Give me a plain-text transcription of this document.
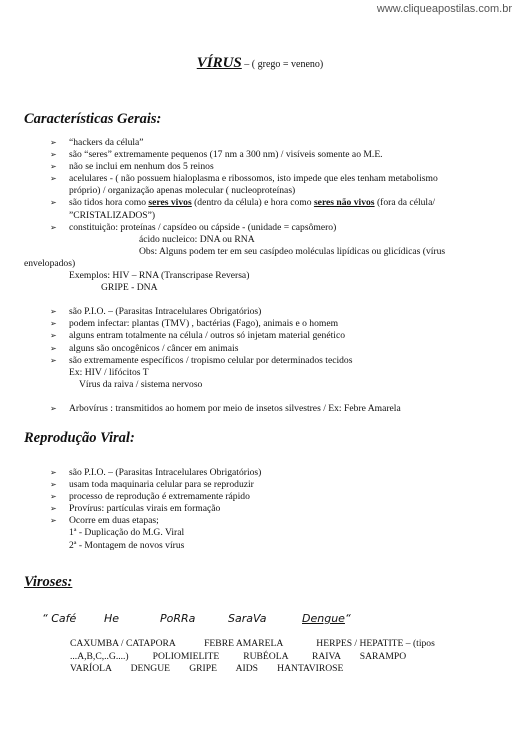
www.cliqueapostilas.com.br
VÍRUS – ( grego = veneno)
Características Gerais:
➢ “hackers da célula”
➢ são “seres” extremamente pequenos (17 nm a 300 nm) / visíveis somente ao M.E.
➢ não se inclui em nenhum dos 5 reinos
➢ acelulares - ( não possuem hialoplasma e ribossomos, isto impede que eles tenham metabolismo
próprio) / organização apenas molecular ( nucleoproteínas)
➢ são tidos hora como seres vivos (dentro da célula) e hora como seres não vivos (fora da célula/
”CRISTALIZADOS”)
➢ constituição: proteínas / capsídeo ou cápside - (unidade = capsômero)
ácido nucleico: DNA ou RNA
Obs: Alguns podem ter em seu casípdeo moléculas lipídicas ou glicídicas (vírus
envelopados)
Exemplos: HIV – RNA (Transcripase Reversa)
GRIPE - DNA
➢ são P.I.O. – (Parasitas Intracelulares Obrigatórios)
➢ podem infectar: plantas (TMV) , bactérias (Fago), animais e o homem
➢ alguns entram totalmente na célula / outros só injetam material genético
➢ alguns são oncogênicos / câncer em animais
➢ são extremamente específicos / tropismo celular por determinados tecidos
Ex: HIV / lifócitos T
Vírus da raiva / sistema nervoso
➢ Arbovírus : transmitidos ao homem por meio de insetos silvestres / Ex: Febre Amarela
Reprodução Viral:
➢ são P.I.O. – (Parasitas Intracelulares Obrigatórios)
➢ usam toda maquinaria celular para se reproduzir
➢ processo de reprodução é extremamente rápido
➢ Provírus: partículas virais em formação
➢ Ocorre em duas etapas;
1ª - Duplicação do M.G. Viral
2ª - Montagem de novos vírus
Viroses:
“ Café	He	PoRRa	SaraVa	Dengue“
CAXUMBA / CATAPORA            FEBRE AMARELA              HERPES / HEPATITE – (tipos
...A,B,C,..G....)          POLIOMIELITE          RUBÉOLA          RAIVA        SARAMPO
VARÍOLA        DENGUE        GRIPE        AIDS        HANTAVIROSE
